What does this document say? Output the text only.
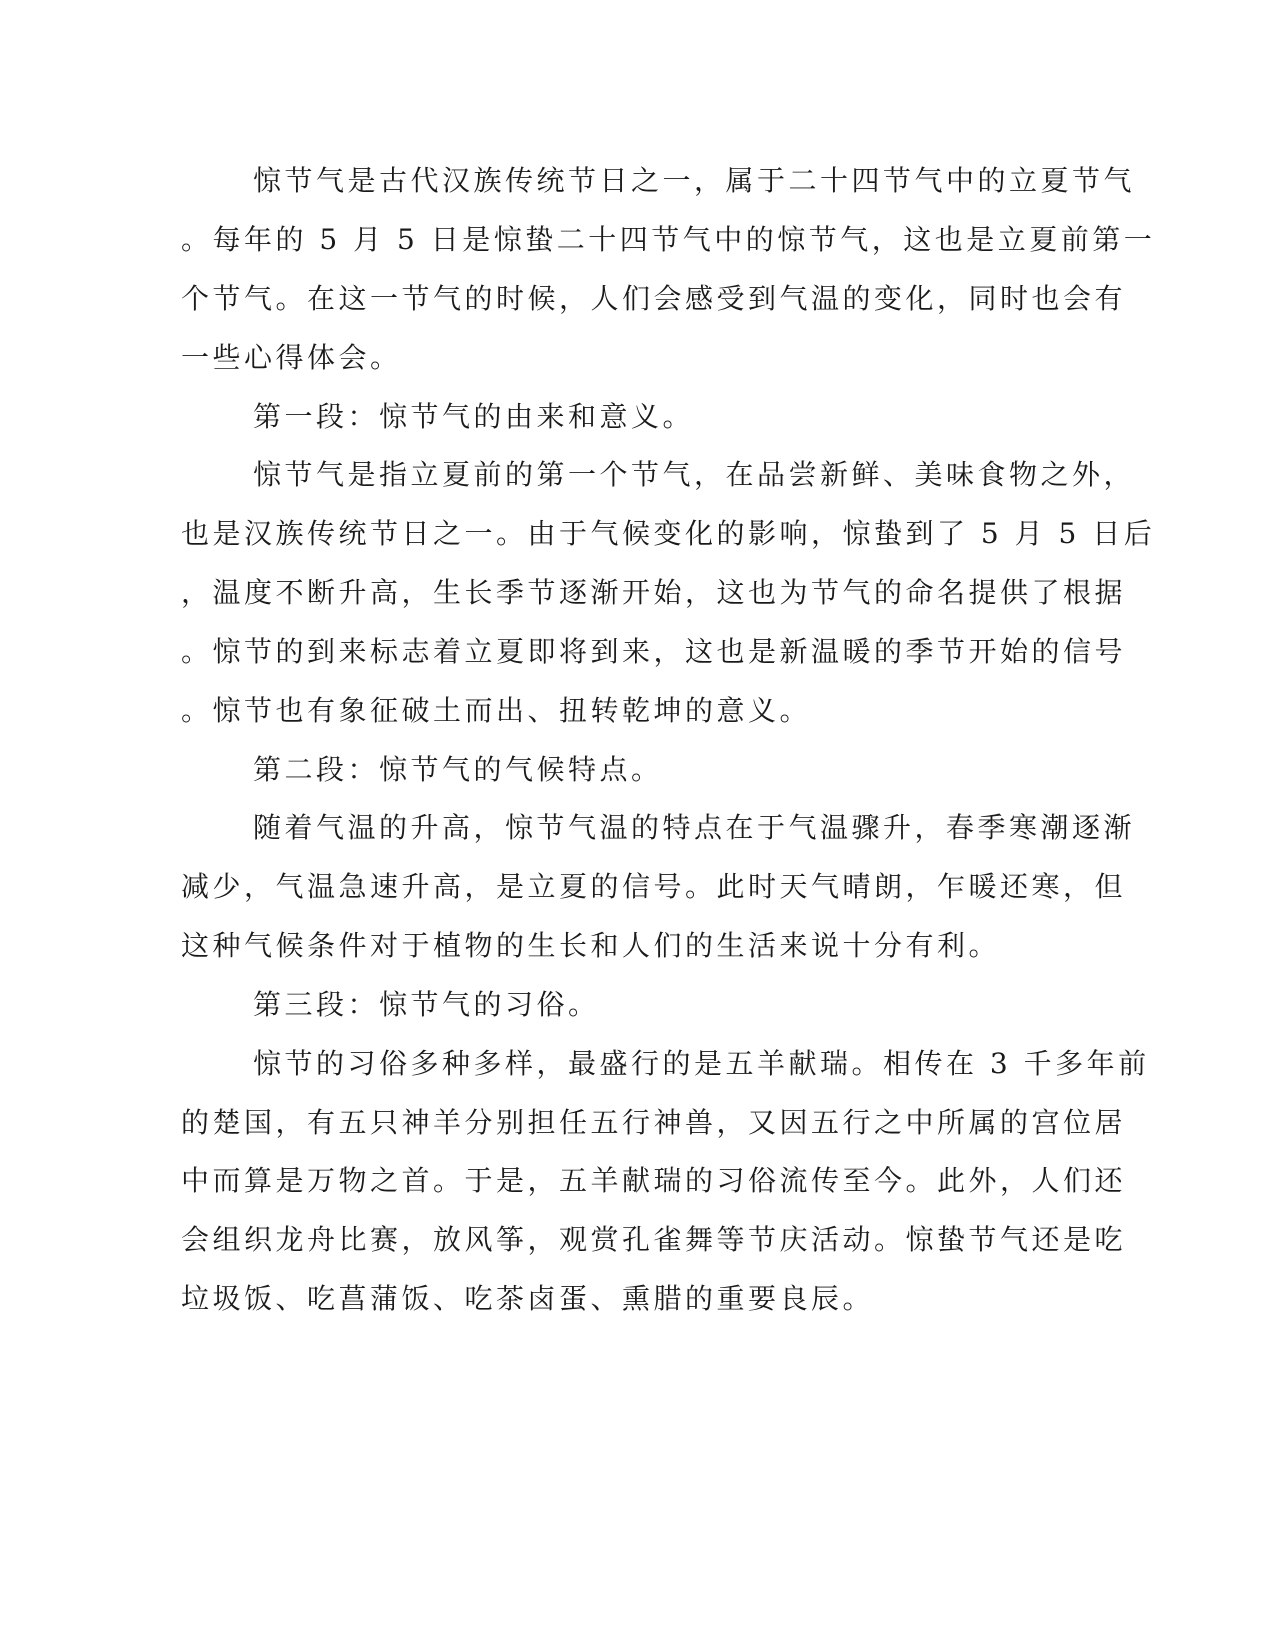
惊节气是古代汉族传统节日之一，属于二十四节气中的立夏节气
。每年的 5 月 5 日是惊蛰二十四节气中的惊节气，这也是立夏前第一
个节气。在这一节气的时候，人们会感受到气温的变化，同时也会有
一些心得体会。
第一段：惊节气的由来和意义。
惊节气是指立夏前的第一个节气，在品尝新鲜、美味食物之外，
也是汉族传统节日之一。由于气候变化的影响，惊蛰到了 5 月 5 日后
，温度不断升高，生长季节逐渐开始，这也为节气的命名提供了根据
。惊节的到来标志着立夏即将到来，这也是新温暖的季节开始的信号
。惊节也有象征破土而出、扭转乾坤的意义。
第二段：惊节气的气候特点。
随着气温的升高，惊节气温的特点在于气温骤升，春季寒潮逐渐
减少，气温急速升高，是立夏的信号。此时天气晴朗，乍暖还寒，但
这种气候条件对于植物的生长和人们的生活来说十分有利。
第三段：惊节气的习俗。
惊节的习俗多种多样，最盛行的是五羊献瑞。相传在 3 千多年前
的楚国，有五只神羊分别担任五行神兽，又因五行之中所属的宫位居
中而算是万物之首。于是，五羊献瑞的习俗流传至今。此外，人们还
会组织龙舟比赛，放风筝，观赏孔雀舞等节庆活动。惊蛰节气还是吃
垃圾饭、吃菖蒲饭、吃茶卤蛋、熏腊的重要良辰。
